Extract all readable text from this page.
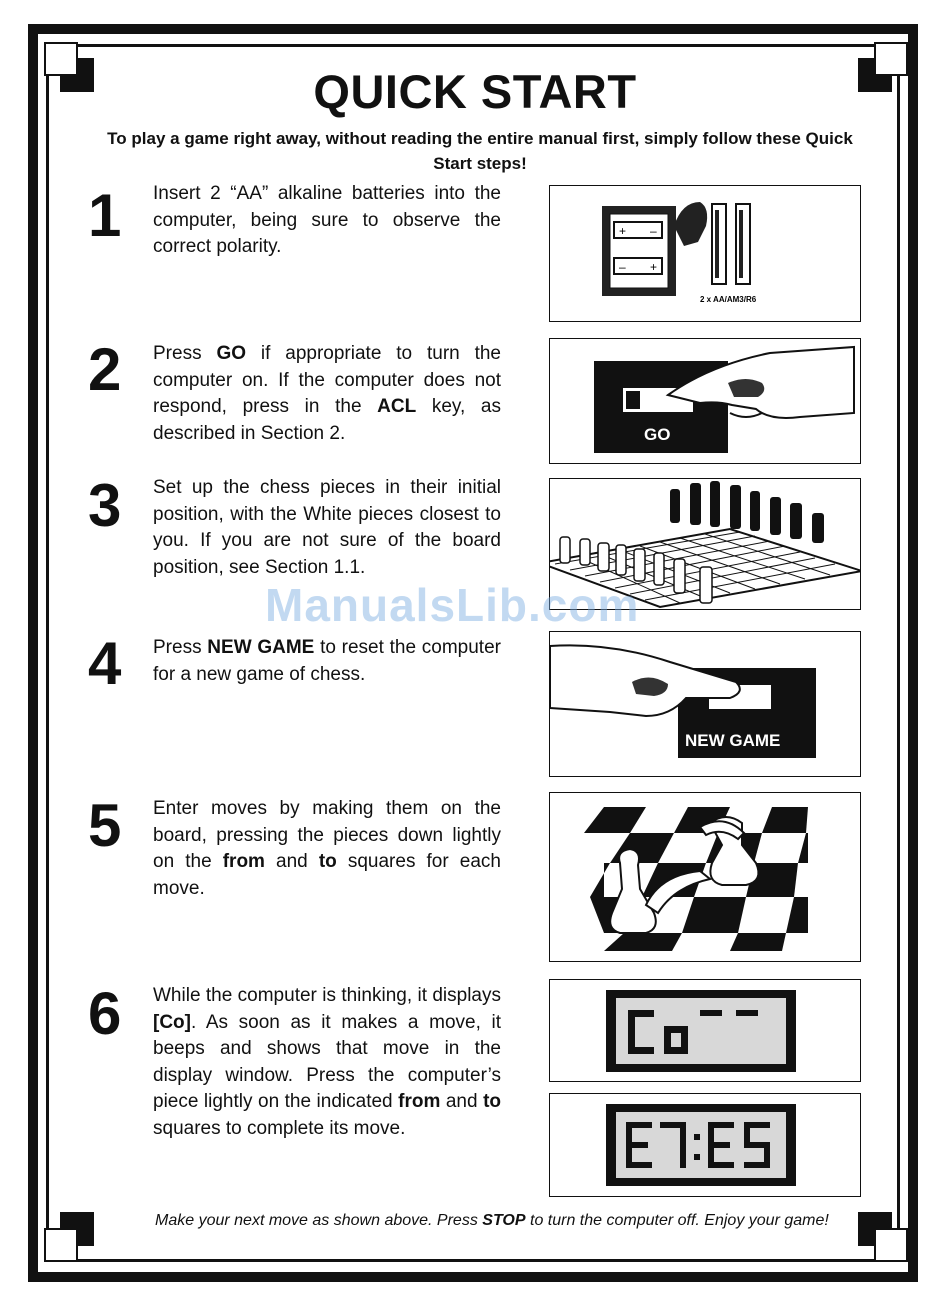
QUICK START
To play a game right away, without reading the entire manual first, simply follow these Quick Start steps!
1
2
3
4
5
6
Insert 2 “AA” alkaline batteries into the computer, being sure to observe the correct polarity.
Press GO if appropriate to turn the computer on. If the computer does not respond, press in the ACL key, as described in Section 2.
Set up the chess pieces in their initial position, with the White pieces closest to you. If you are not sure of the board position, see Section 1.1.
Press NEW GAME to reset the computer for a new game of chess.
Enter moves by making them on the board, pressing the pieces down lightly on the from and to squares for each move.
While the computer is thinking, it displays [Co]. As soon as it makes a move, it beeps and shows that move in the display window. Press the computer’s piece lightly on the indicated from and to squares to complete its move.
+ –
– +
2 x AA/AM3/R6
GO
NEW GAME
Co
E7:E5
ManualsLib.com
Make your next move as shown above. Press STOP to turn the computer off. Enjoy your game!
